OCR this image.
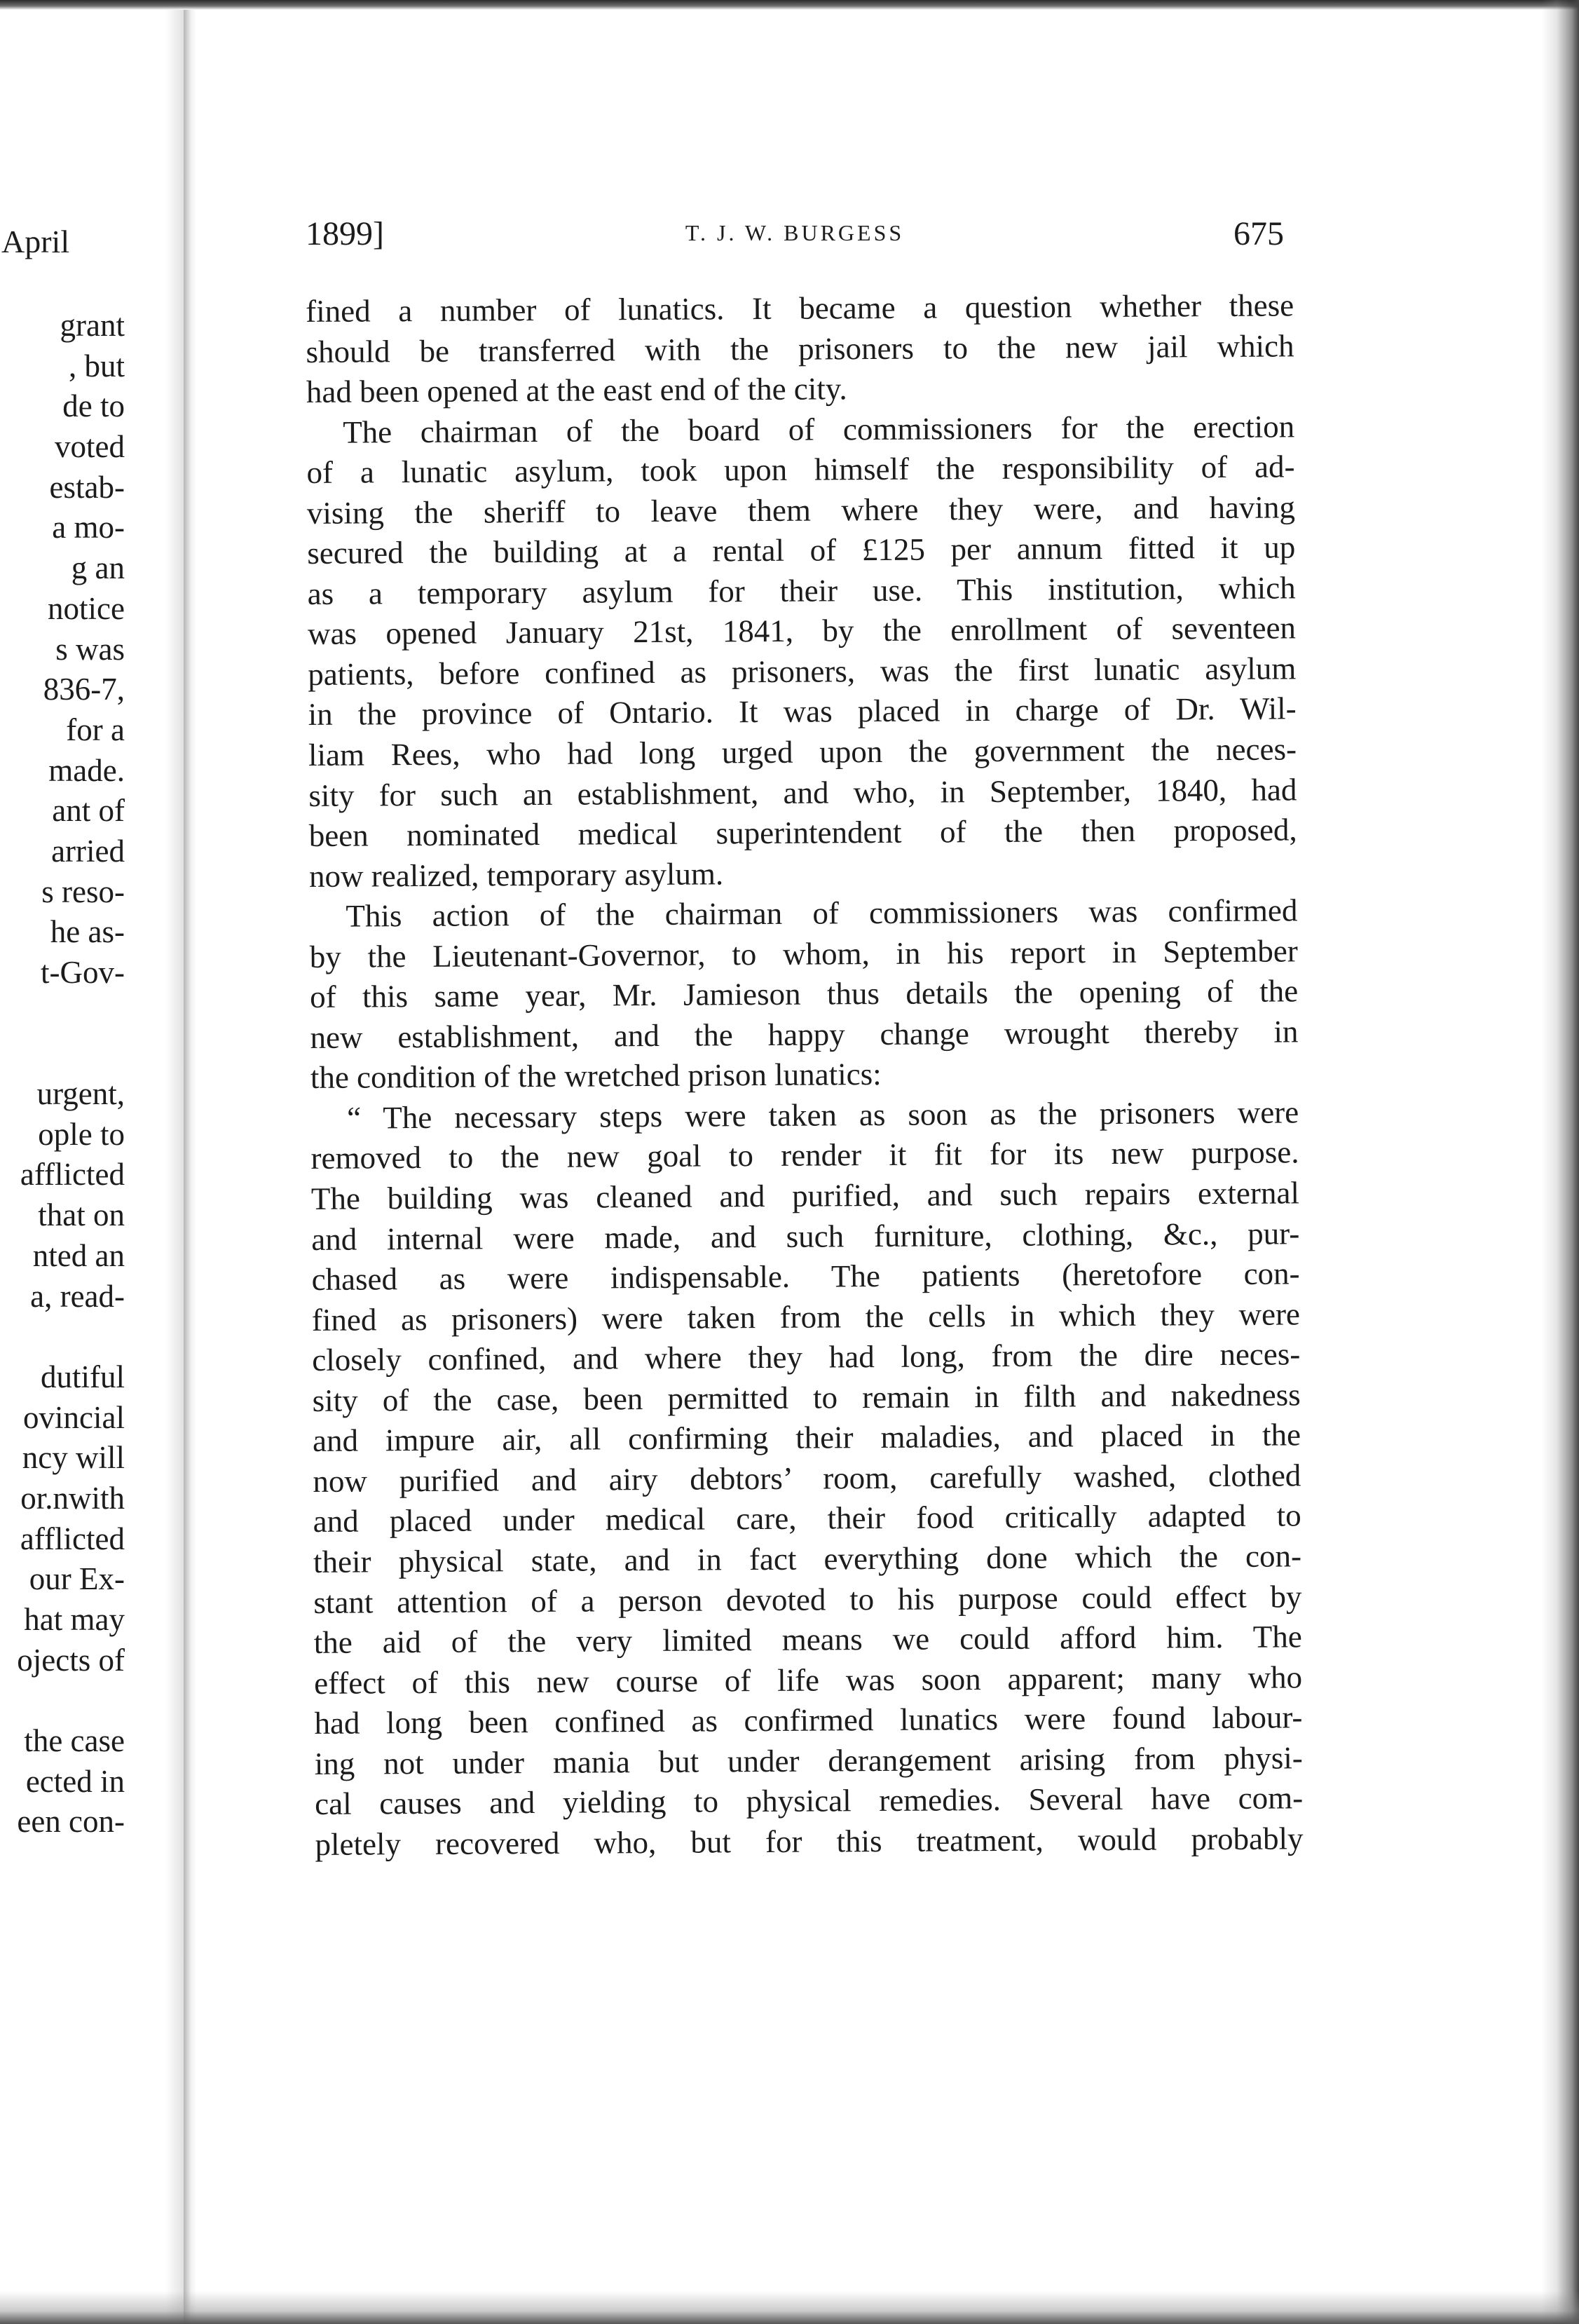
April
grant
, but
de to
voted
estab-
a mo-
g an
notice
s was
836-7,
for a
made.
ant of
arried
s reso-
he as-
t-Gov-
urgent,
ople to
afflicted
that on
nted an
a, read-
dutiful
ovincial
ncy will
or.nwith
afflicted
our Ex-
hat may
ojects of
the case
ected in
een con-
1899]	T. J. W. BURGESS	675
fined a number of lunatics. It became a question whether these
should be transferred with the prisoners to the new jail which
had been opened at the east end of the city.
The chairman of the board of commissioners for the erection
of a lunatic asylum, took upon himself the responsibility of ad-
vising the sheriff to leave them where they were, and having
secured the building at a rental of £125 per annum fitted it up
as a temporary asylum for their use. This institution, which
was opened January 21st, 1841, by the enrollment of seventeen
patients, before confined as prisoners, was the first lunatic asylum
in the province of Ontario. It was placed in charge of Dr. Wil-
liam Rees, who had long urged upon the government the neces-
sity for such an establishment, and who, in September, 1840, had
been nominated medical superintendent of the then proposed,
now realized, temporary asylum.
This action of the chairman of commissioners was confirmed
by the Lieutenant-Governor, to whom, in his report in September
of this same year, Mr. Jamieson thus details the opening of the
new establishment, and the happy change wrought thereby in
the condition of the wretched prison lunatics:
“ The necessary steps were taken as soon as the prisoners were
removed to the new goal to render it fit for its new purpose.
The building was cleaned and purified, and such repairs external
and internal were made, and such furniture, clothing, &c., pur-
chased as were indispensable. The patients (heretofore con-
fined as prisoners) were taken from the cells in which they were
closely confined, and where they had long, from the dire neces-
sity of the case, been permitted to remain in filth and nakedness
and impure air, all confirming their maladies, and placed in the
now purified and airy debtors’ room, carefully washed, clothed
and placed under medical care, their food critically adapted to
their physical state, and in fact everything done which the con-
stant attention of a person devoted to his purpose could effect by
the aid of the very limited means we could afford him. The
effect of this new course of life was soon apparent; many who
had long been confined as confirmed lunatics were found labour-
ing not under mania but under derangement arising from physi-
cal causes and yielding to physical remedies. Several have com-
pletely recovered who, but for this treatment, would probably
